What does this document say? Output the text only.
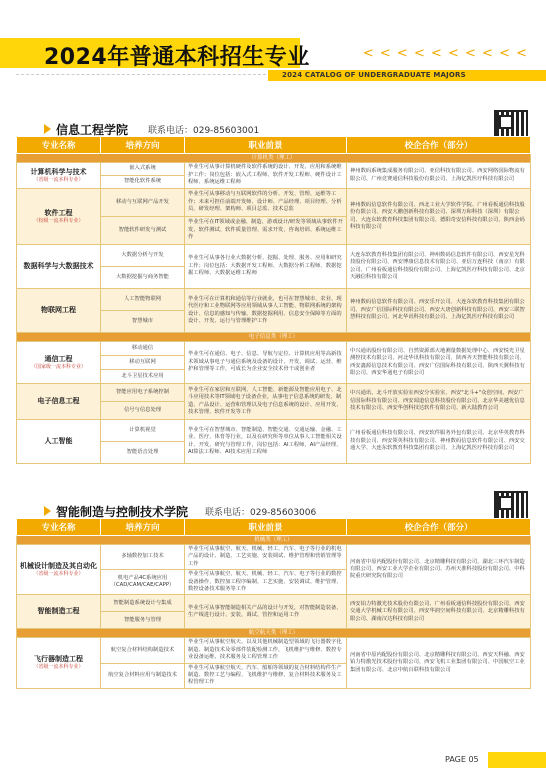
2024年普通本科招生专业	< < < < < < < < < <
2024 CATALOG OF UNDERGRADUATE MAJORS
信息工程学院 联系电话：029-85603001
专业名称	培养方向	职业前景	校企合作（部分）
计算机类（理工）			
计算机科学与技术
（省级一流本科专业）	嵌入式系统	毕业生可从事计算机硬件及软件系统的设计、开发、应用和系统维护工作；岗位包括：嵌入式工程师、软件开发工程师、硬件设计工程师、系统运维工程师	神州数码系统集成服务有限公司、亚信科技有限公司、西安网络国际物流有限公司、广州竞赛通信科技股份有限公司、上海亿凯医疗科技有限公司
	智能化软件系统		
软件工程
（校级一流本科专业）	移动与互联网产品开发	毕业生可从事移动与互联网软件的分析、开发、管理、运维等工作；未来可担任前端开发师、设计师、产品经理、项目经理、分析员、研发经理、架构师、项目总监、技术总监	神州数码信息软件有限公司、西北工业大学软件学院、广州看板通信科技股份有限公司、西安大鹏创新科技有限公司、深圳万和科技（深圳）有限公司、大连东软教育科技集团有限公司、德阳奇安信科技有限公司、陕西金码科技有限公司
	智能软件研发与测试	毕业生可在IT领域或金融、制造、游戏设计/研发等领域从事软件开发、软件测试、软件质量管理、需求开发、咨询培训、系统运维工作	
数据科学与大数据技术	大数据分析与开发	毕业生可从事各行业大数据分析、挖掘、处理、服务、应用和研究工作；岗位包括：大数据开发工程师、大数据分析工程师、数据挖掘工程师、大数据运维工程师	大连东软教育科技集团有限公司、神州数码信息软件有限公司、西安星光科技股份有限公司、西安博康信息技术有限公司、亚信万连科技（南京）有限公司、广州看板通信科技股份有限公司、上海亿凯医疗科技有限公司、北京天融信科技有限公司
	大数据挖掘与商务智能		
物联网工程	人工智能物联网	毕业生可在计算机和通信等行业就业，也可在智慧城市、农业、现代医疗和工业物联网等应用领域从事人工智能、物联网系统的架构设计、信息的感知与传输、数据挖掘利用、信息安全保障等方面的设计、开发、运行与管理维护工作	神州数码信息软件有限公司、西安乐开公司、大连东软教育科技集团有限公司、西安广信国际科技有限公司、西安大唐创新科技有限公司、西安三联智慧科技有限公司、河北华讯科技有限公司、上海亿凯医疗科技有限公司
	智慧城市		
电子信息类（理工）			
通信工程
（国家级一流本科专业）	移动通信	毕业生可在通信、电子、信息、导航与定位、计算机应用等高新技术领域从事电子与通信系统及设备的设计、开发、调试、运营、维护和管理等工作，可成长为企业安全技术骨干或创业者	中兴通讯股份有限公司、自然资源部大地测量数据处理中心、西安悦光卫星测控技术有限公司、河北华讯科技有限公司、陕西齐天智能科技有限公司、西安鑫源信息技术有限公司、西安广信国际科技有限公司、陕西天翼科技有限公司、西安华通电子有限公司
	移动互联网		
	北斗卫星技术应用		
电子信息工程	智能应用电子系统控制	毕业生可在家居和互联网、人工智能、新能源及智能应用电子、北斗应用技术等IT领域电子设备企业，从事电子信息系统的研发、制造、产品设计、运营和管理以及电子信息系统的设计、应用开发、技术管理、软件开发等工作	中兴通讯、北斗开放实验室西安分实验室、西安"北斗+"众创空间、西安广信国际科技有限公司、西安闻道信息科技股份有限公司、北京华美越优信息技术有限公司、西安华创科技达软件有限公司、新大陆教育公司
	信号与信息处理		
人工智能	计算机视觉	毕业生可在智慧城市、智能制造、智能交通、交通运输、金融、工业、医疗、体育等行业，以及在研究所等单位从事人工智能相关设计、开发、研究与管理工作，岗位包括：AI工程师、AI产品经理、AI算法工程师、AI技术应用工程师	广州看板通信科技有限公司、西安软件服务外包有限公司、北京华英教育科技有限公司、西安领英科技有限公司、神州数码信息软件有限公司、西安交通大学、大连东软教育科技集团有限公司、上海亿凯医疗科技有限公司
	智能语音处理		
智能制造与控制技术学院 联系电话：029-85603006
专业名称	培养方向	职业前景	校企合作（部分）
机械类（理工）			
机械设计制造及其自动化
（省级一流本科专业）	多轴数控加工技术	毕业生可从事航空、航天、机械、轻工、汽车、电子等行业的机电产品的设计、制造、工艺实施、安装调试、维护管理和营销管理等工作	河南省中原内配股份有限公司、北京精雕科技有限公司、湖北三环汽车制造有限公司、西安工业大学企业有限公司、苏州天准科技股份有限公司、中科院重庆研究院有限公司
	机电产品4C系统应用（CAD/CAM/CAE/CAPP）	毕业生可从事航空、航天、机械、轻工、汽车、电子等行业的数控设备操作、数控加工程序编制、工艺实施、安装调试、维护管理、数控设备技术服务等工作	
智能制造工程	智能制造系统设计与集成	毕业生可从事智能制造相关产品的设计与开发，对智能制造装备、生产线进行设计、安装、调试、管控和运用工作	西安铂力特激光技术股份有限公司、广州看板通信科技股份有限公司、西安交通大学机械工程有限公司、西安华润空间科技有限公司、北京精雕科技有限公司、湖南汉达科技有限公司
	智能服务与管理		
航空航天类（理工）			
飞行器制造工程
（省级一流本科专业）	航空复合材料结构制造技术	毕业生可从事航空航天、以及其他机械制造型领域的飞行器数字化制造、制造技术及零部件装配检测工作，飞机维护与维修、数控专业设备运维、技术服务及工程管理工作	河南省中原内配股份有限公司、北京精雕科技有限公司、西安天科融、西安铂力特激光技术股份有限公司、西安飞机工业集团有限公司、中国航空工业集团有限公司、北京中航百联科技有限公司
	航空复合材料应用与制造技术	毕业生可从事航空航天、汽车、船舶等领域的复合材料结构件生产制造、数控工艺与编程、飞机维护与维修、复合材料技术服务及工程管理工作	
PAGE 05
